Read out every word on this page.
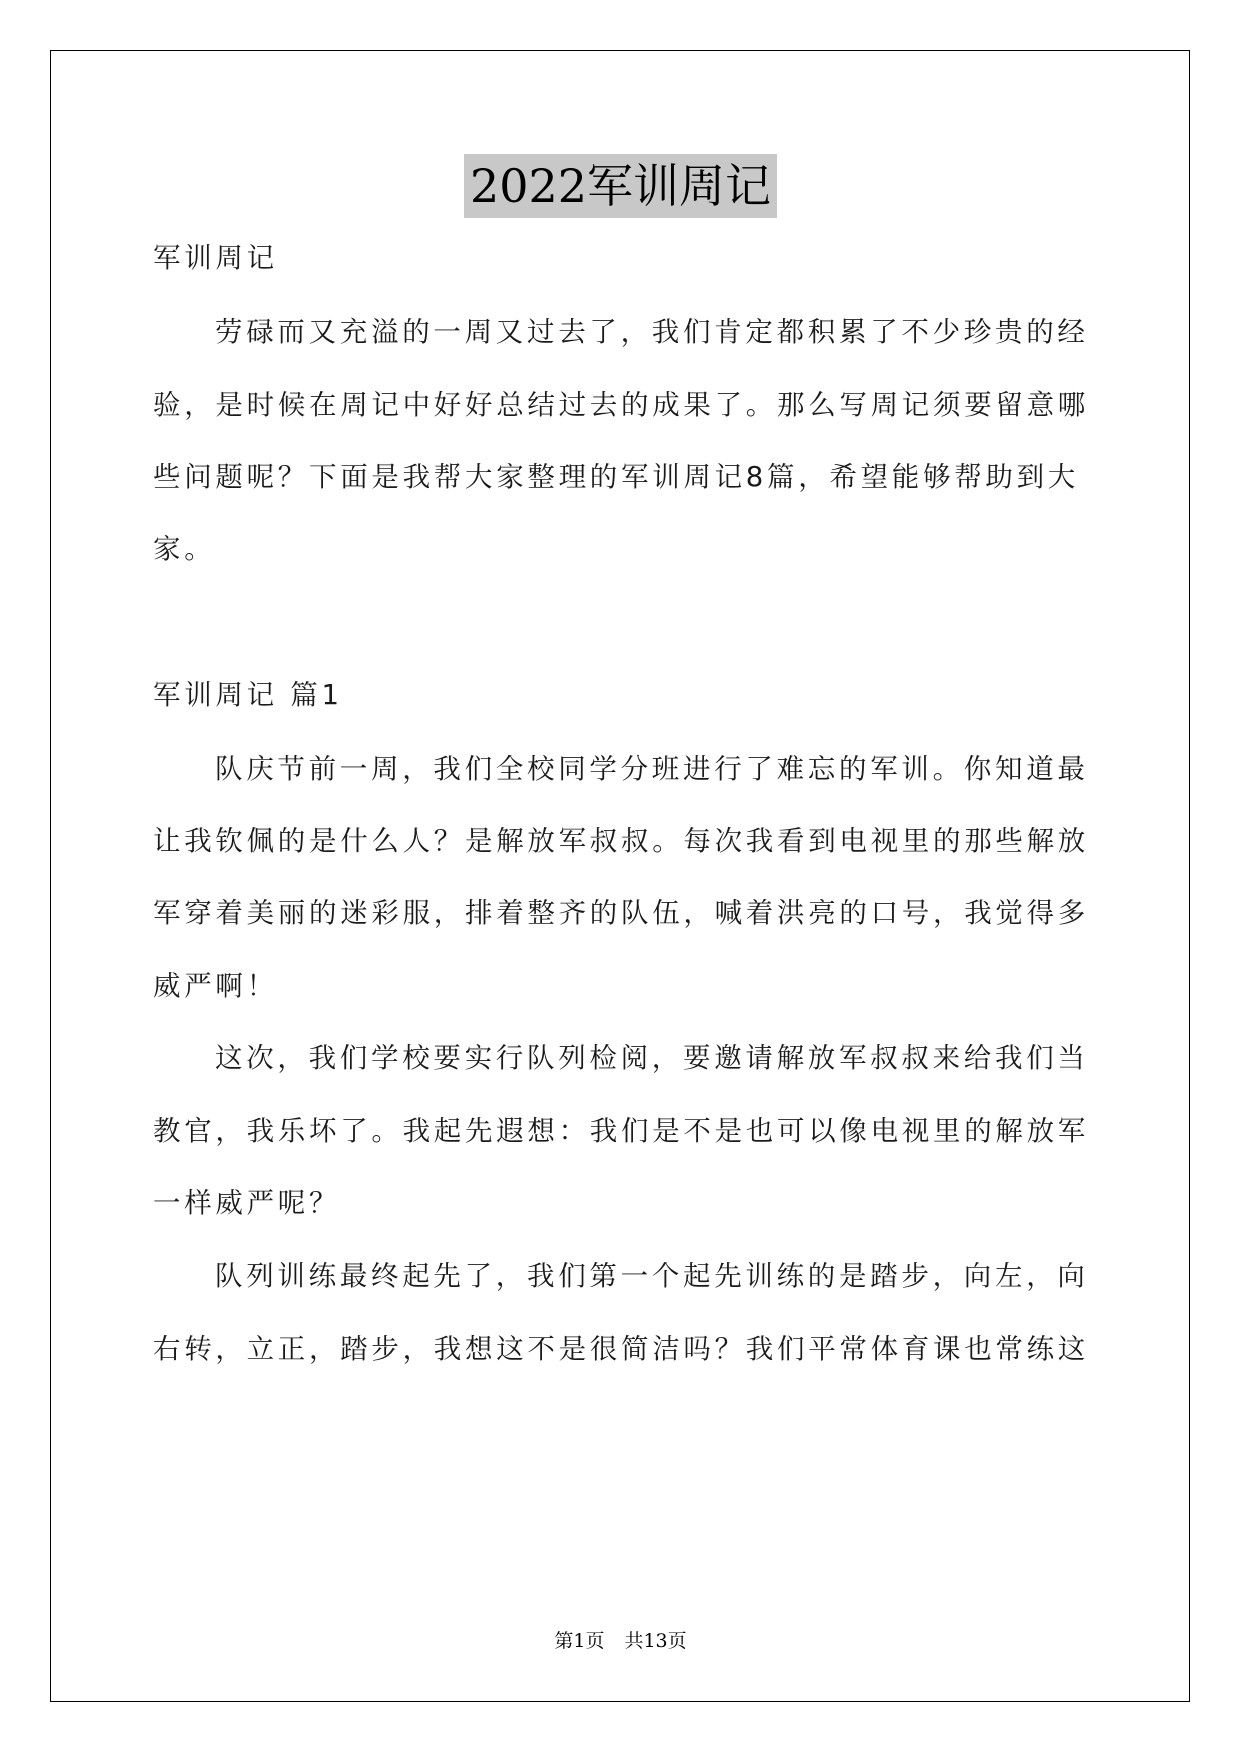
2022军训周记
军训周记
劳碌而又充溢的一周又过去了，我们肯定都积累了不少珍贵的经
验，是时候在周记中好好总结过去的成果了。那么写周记须要留意哪
些问题呢？下面是我帮大家整理的军训周记8篇，希望能够帮助到大
家。
军训周记 篇1
队庆节前一周，我们全校同学分班进行了难忘的军训。你知道最
让我钦佩的是什么人？是解放军叔叔。每次我看到电视里的那些解放
军穿着美丽的迷彩服，排着整齐的队伍，喊着洪亮的口号，我觉得多
威严啊！
这次，我们学校要实行队列检阅，要邀请解放军叔叔来给我们当
教官，我乐坏了。我起先遐想：我们是不是也可以像电视里的解放军
一样威严呢？
队列训练最终起先了，我们第一个起先训练的是踏步，向左，向
右转，立正，踏步，我想这不是很简洁吗？我们平常体育课也常练这
第1页 共13页
